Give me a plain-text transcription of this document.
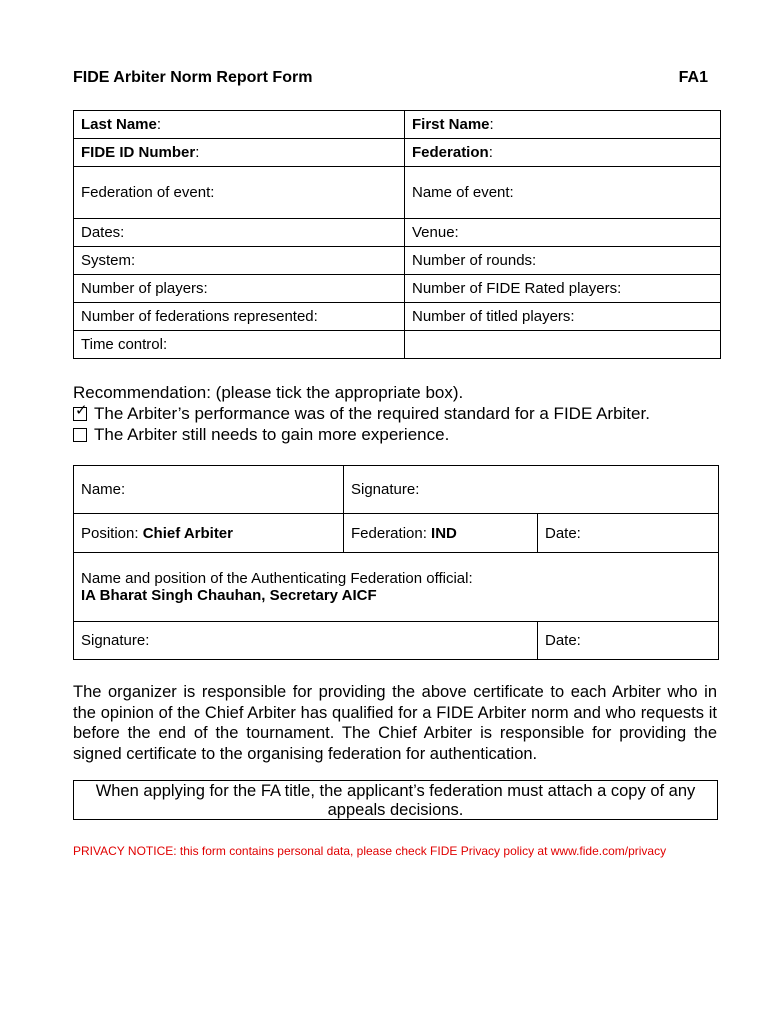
FIDE Arbiter Norm Report Form	FA1
Last Name:	First Name:
FIDE ID Number:	Federation:
Federation of event:	Name of event:
Dates:	Venue:
System:	Number of rounds:
Number of players:	Number of FIDE Rated players:
Number of federations represented:	Number of titled players:
Time control:	
Recommendation: (please tick the appropriate box).
✓ The Arbiter’s performance was of the required standard for a FIDE Arbiter.
The Arbiter still needs to gain more experience.
Name:	Signature:	
Position: Chief Arbiter	Federation: IND	Date:

Name and position of the Authenticating Federation official:
IA Bharat Singh Chauhan, Secretary AICF		

Signature:		Date:

The organizer is responsible for providing the above certificate to each Arbiter who in the opinion of the Chief Arbiter has qualified for a FIDE Arbiter norm and who requests it before the end of the tournament. The Chief Arbiter is responsible for providing the signed certificate to the organising federation for authentication.

When applying for the FA title, the applicant’s federation must attach a copy of any appeals decisions.
PRIVACY NOTICE: this form contains personal data, please check FIDE Privacy policy at www.fide.com/privacy
